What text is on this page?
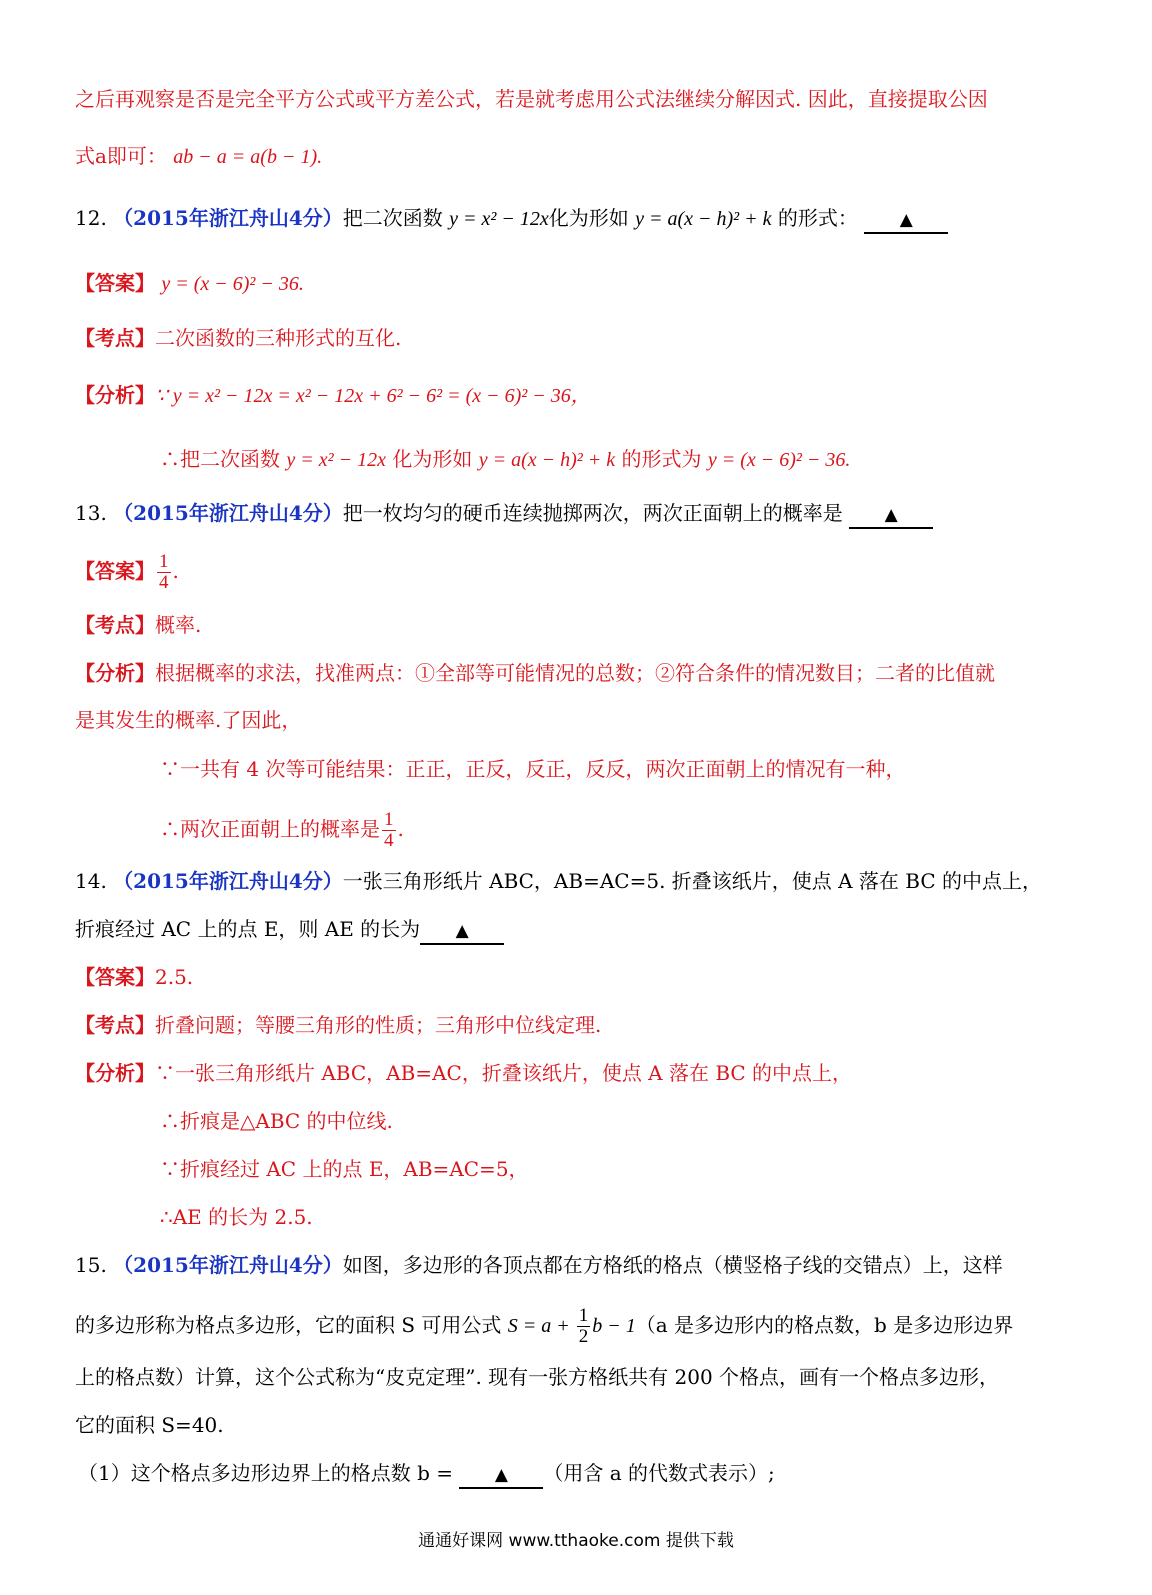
之后再观察是否是完全平方公式或平方差公式，若是就考虑用公式法继续分解因式. 因此，直接提取公因
式a即可： ab − a = a(b − 1).
12. （2015年浙江舟山4分）把二次函数 y = x² − 12x化为形如 y = a(x − h)² + k 的形式： ▲
【答案】 y = (x − 6)² − 36.
【考点】二次函数的三种形式的互化.
【分析】∵ y = x² − 12x = x² − 12x + 6² − 6² = (x − 6)² − 36，
∴把二次函数 y = x² − 12x 化为形如 y = a(x − h)² + k 的形式为 y = (x − 6)² − 36.
13. （2015年浙江舟山4分）把一枚均匀的硬币连续抛掷两次，两次正面朝上的概率是 ▲
【答案】 $\frac{1}{4}$ .
【考点】概率.
【分析】根据概率的求法，找准两点：①全部等可能情况的总数；②符合条件的情况数目；二者的比值就
是其发生的概率.了因此，
∵一共有 4 次等可能结果：正正，正反，反正，反反，两次正面朝上的情况有一种，
∴两次正面朝上的概率是 $\frac{1}{4}$ .
14. （2015年浙江舟山4分）一张三角形纸片 ABC，AB=AC=5. 折叠该纸片，使点 A 落在 BC 的中点上，
折痕经过 AC 上的点 E，则 AE 的长为 ▲
【答案】2.5.
【考点】折叠问题；等腰三角形的性质；三角形中位线定理.
【分析】∵一张三角形纸片 ABC，AB=AC，折叠该纸片，使点 A 落在 BC 的中点上，
∴折痕是△ABC 的中位线.
∵折痕经过 AC 上的点 E，AB=AC=5，
∴AE 的长为 2.5.
15. （2015年浙江舟山4分）如图，多边形的各顶点都在方格纸的格点（横竖格子线的交错点）上，这样
的多边形称为格点多边形，它的面积 S 可用公式 $S = a + \frac{1}{2}$ b − 1（a 是多边形内的格点数，b 是多边形边界
上的格点数）计算，这个公式称为“皮克定理”. 现有一张方格纸共有 200 个格点，画有一个格点多边形，
它的面积 S=40.
（1）这个格点多边形边界上的格点数 b = ▲ （用含 a 的代数式表示）;
通通好课网 www.tthaoke.com 提供下载
